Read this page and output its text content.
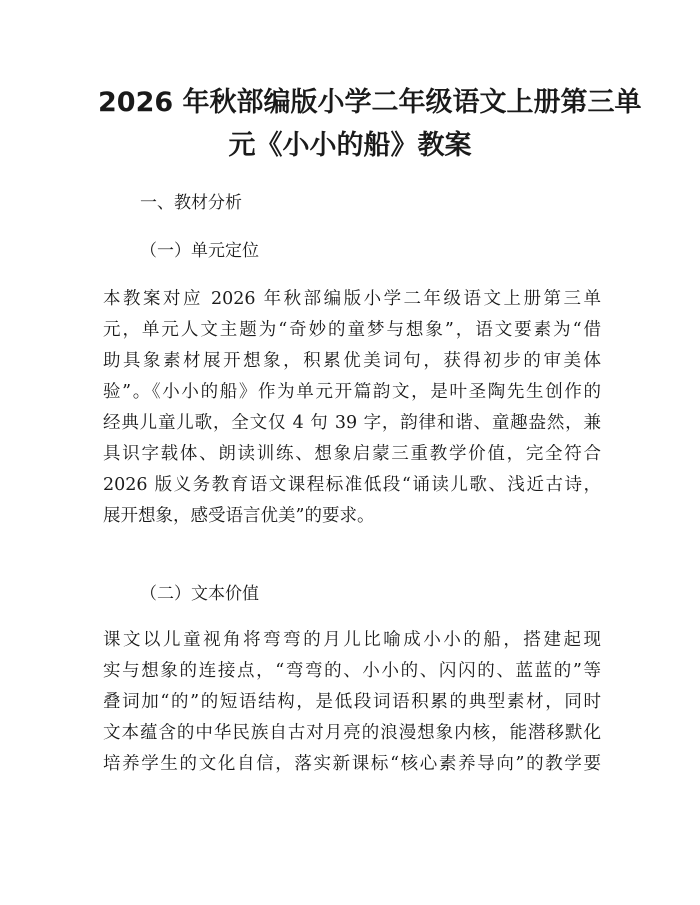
2026 年秋部编版小学二年级语文上册第三单
元《小小的船》教案
一、教材分析
（一）单元定位
本教案对应 2026 年秋部编版小学二年级语文上册第三单
元，单元人文主题为“奇妙的童梦与想象”，语文要素为“借
助具象素材展开想象，积累优美词句，获得初步的审美体
验”。《小小的船》作为单元开篇韵文，是叶圣陶先生创作的
经典儿童儿歌，全文仅 4 句 39 字，韵律和谐、童趣盎然，兼
具识字载体、朗读训练、想象启蒙三重教学价值，完全符合
2026 版义务教育语文课程标准低段“诵读儿歌、浅近古诗，
展开想象，感受语言优美”的要求。
（二）文本价值
课文以儿童视角将弯弯的月儿比喻成小小的船，搭建起现
实与想象的连接点，“弯弯的、小小的、闪闪的、蓝蓝的”等
叠词加“的”的短语结构，是低段词语积累的典型素材，同时
文本蕴含的中华民族自古对月亮的浪漫想象内核，能潜移默化
培养学生的文化自信，落实新课标“核心素养导向”的教学要
